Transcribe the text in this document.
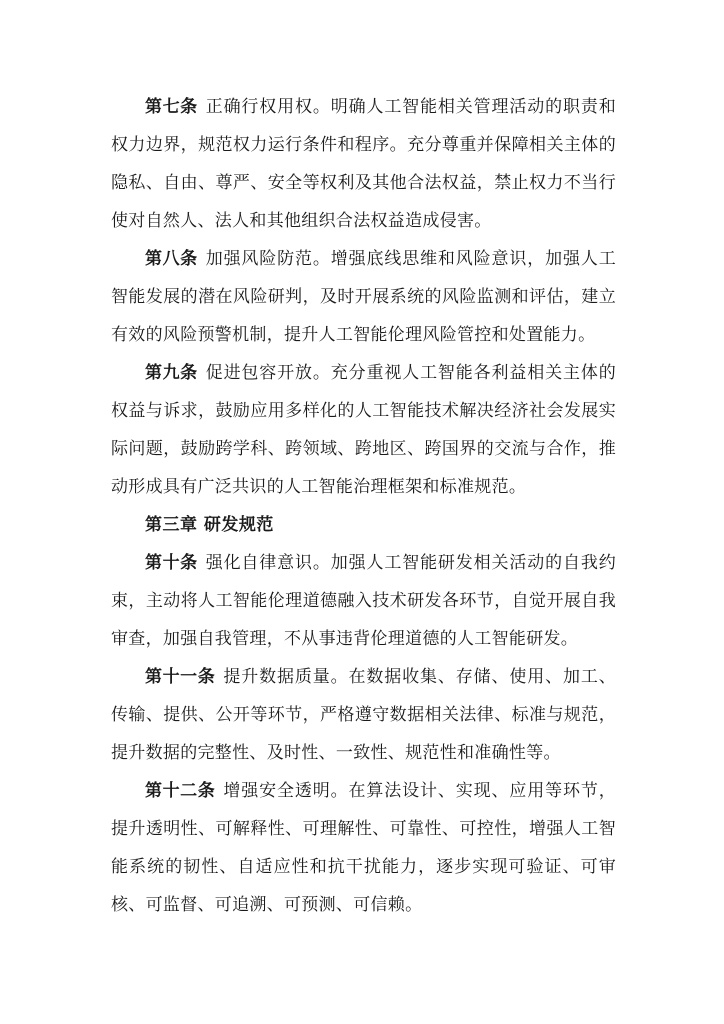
第七条 正确行权用权。明确人工智能相关管理活动的职责和权力边界，规范权力运行条件和程序。充分尊重并保障相关主体的隐私、自由、尊严、安全等权利及其他合法权益，禁止权力不当行使对自然人、法人和其他组织合法权益造成侵害。

第八条 加强风险防范。增强底线思维和风险意识，加强人工智能发展的潜在风险研判，及时开展系统的风险监测和评估，建立有效的风险预警机制，提升人工智能伦理风险管控和处置能力。

第九条 促进包容开放。充分重视人工智能各利益相关主体的权益与诉求，鼓励应用多样化的人工智能技术解决经济社会发展实际问题，鼓励跨学科、跨领域、跨地区、跨国界的交流与合作，推动形成具有广泛共识的人工智能治理框架和标准规范。

第三章 研发规范

第十条 强化自律意识。加强人工智能研发相关活动的自我约束，主动将人工智能伦理道德融入技术研发各环节，自觉开展自我审查，加强自我管理，不从事违背伦理道德的人工智能研发。

第十一条 提升数据质量。在数据收集、存储、使用、加工、传输、提供、公开等环节，严格遵守数据相关法律、标准与规范，提升数据的完整性、及时性、一致性、规范性和准确性等。

第十二条 增强安全透明。在算法设计、实现、应用等环节，提升透明性、可解释性、可理解性、可靠性、可控性，增强人工智能系统的韧性、自适应性和抗干扰能力，逐步实现可验证、可审核、可监督、可追溯、可预测、可信赖。
